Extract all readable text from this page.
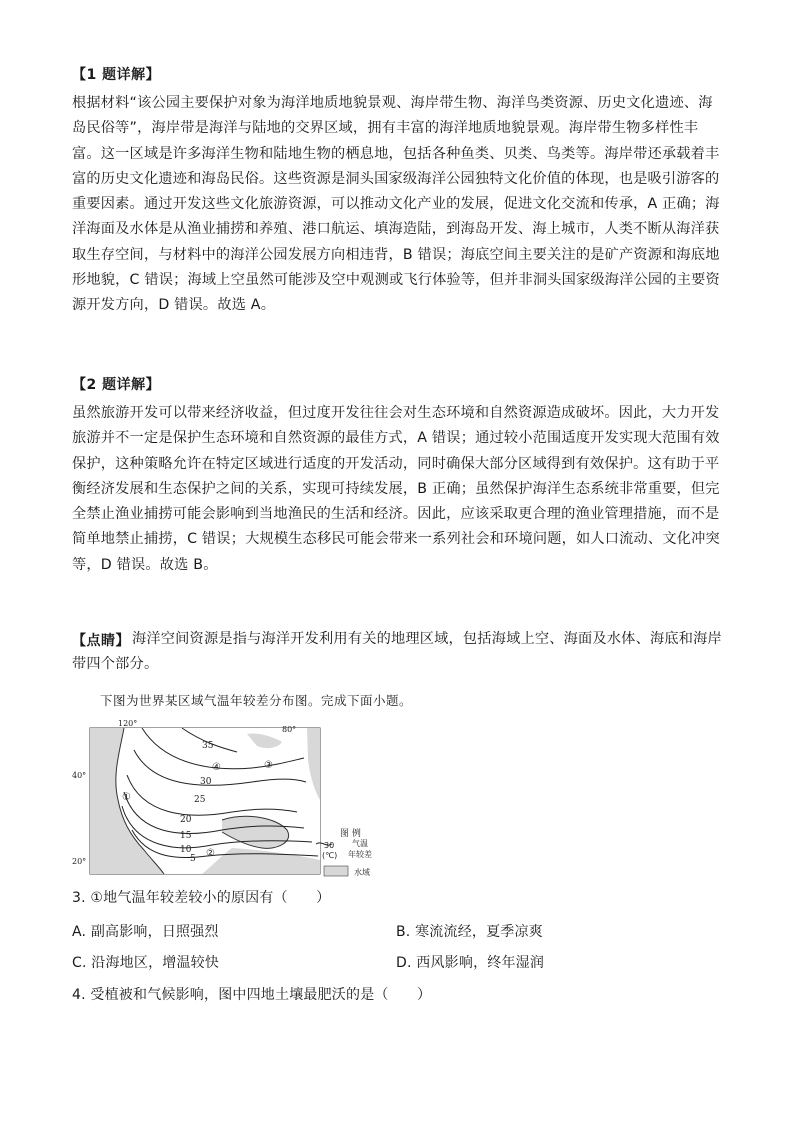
【1 题详解】

根据材料“该公园主要保护对象为海洋地质地貌景观、海岸带生物、海洋鸟类资源、历史文化遗迹、海岛民俗等”，海岸带是海洋与陆地的交界区域，拥有丰富的海洋地质地貌景观。海岸带生物多样性丰富。这一区域是许多海洋生物和陆地生物的栖息地，包括各种鱼类、贝类、鸟类等。海岸带还承载着丰富的历史文化遗迹和海岛民俗。这些资源是洞头国家级海洋公园独特文化价值的体现，也是吸引游客的重要因素。通过开发这些文化旅游资源，可以推动文化产业的发展，促进文化交流和传承，A 正确；海洋海面及水体是从渔业捕捞和养殖、港口航运、填海造陆，到海岛开发、海上城市，人类不断从海洋获取生存空间，与材料中的海洋公园发展方向相违背，B 错误；海底空间主要关注的是矿产资源和海底地形地貌，C 错误；海域上空虽然可能涉及空中观测或飞行体验等，但并非洞头国家级海洋公园的主要资源开发方向，D 错误。故选 A。

【2 题详解】

虽然旅游开发可以带来经济收益，但过度开发往往会对生态环境和自然资源造成破坏。因此，大力开发旅游并不一定是保护生态环境和自然资源的最佳方式，A 错误；通过较小范围适度开发实现大范围有效保护，这种策略允许在特定区域进行适度的开发活动，同时确保大部分区域得到有效保护。这有助于平衡经济发展和生态保护之间的关系，实现可持续发展，B 正确；虽然保护海洋生态系统非常重要，但完全禁止渔业捕捞可能会影响到当地渔民的生活和经济。因此，应该采取更合理的渔业管理措施，而不是简单地禁止捕捞，C 错误；大规模生态移民可能会带来一系列社会和环境问题，如人口流动、文化冲突等，D 错误。故选 B。

【点睛】 海洋空间资源是指与海洋开发利用有关的地理区域，包括海域上空、海面及水体、海底和海岸带四个部分。

下图为世界某区域气温年较差分布图。完成下面小题。
35
30
25
20
15
10
5
①
②
③
④
120°
80°
40°
20°
图 例
30
(℃)
气温
年较差
水域
3. ①地气温年较差较小的原因有（　　）
A. 副高影响，日照强烈	B. 寒流流经，夏季凉爽
C. 沿海地区，增温较快	D. 西风影响，终年湿润
4. 受植被和气候影响，图中四地土壤最肥沃的是（　　）
